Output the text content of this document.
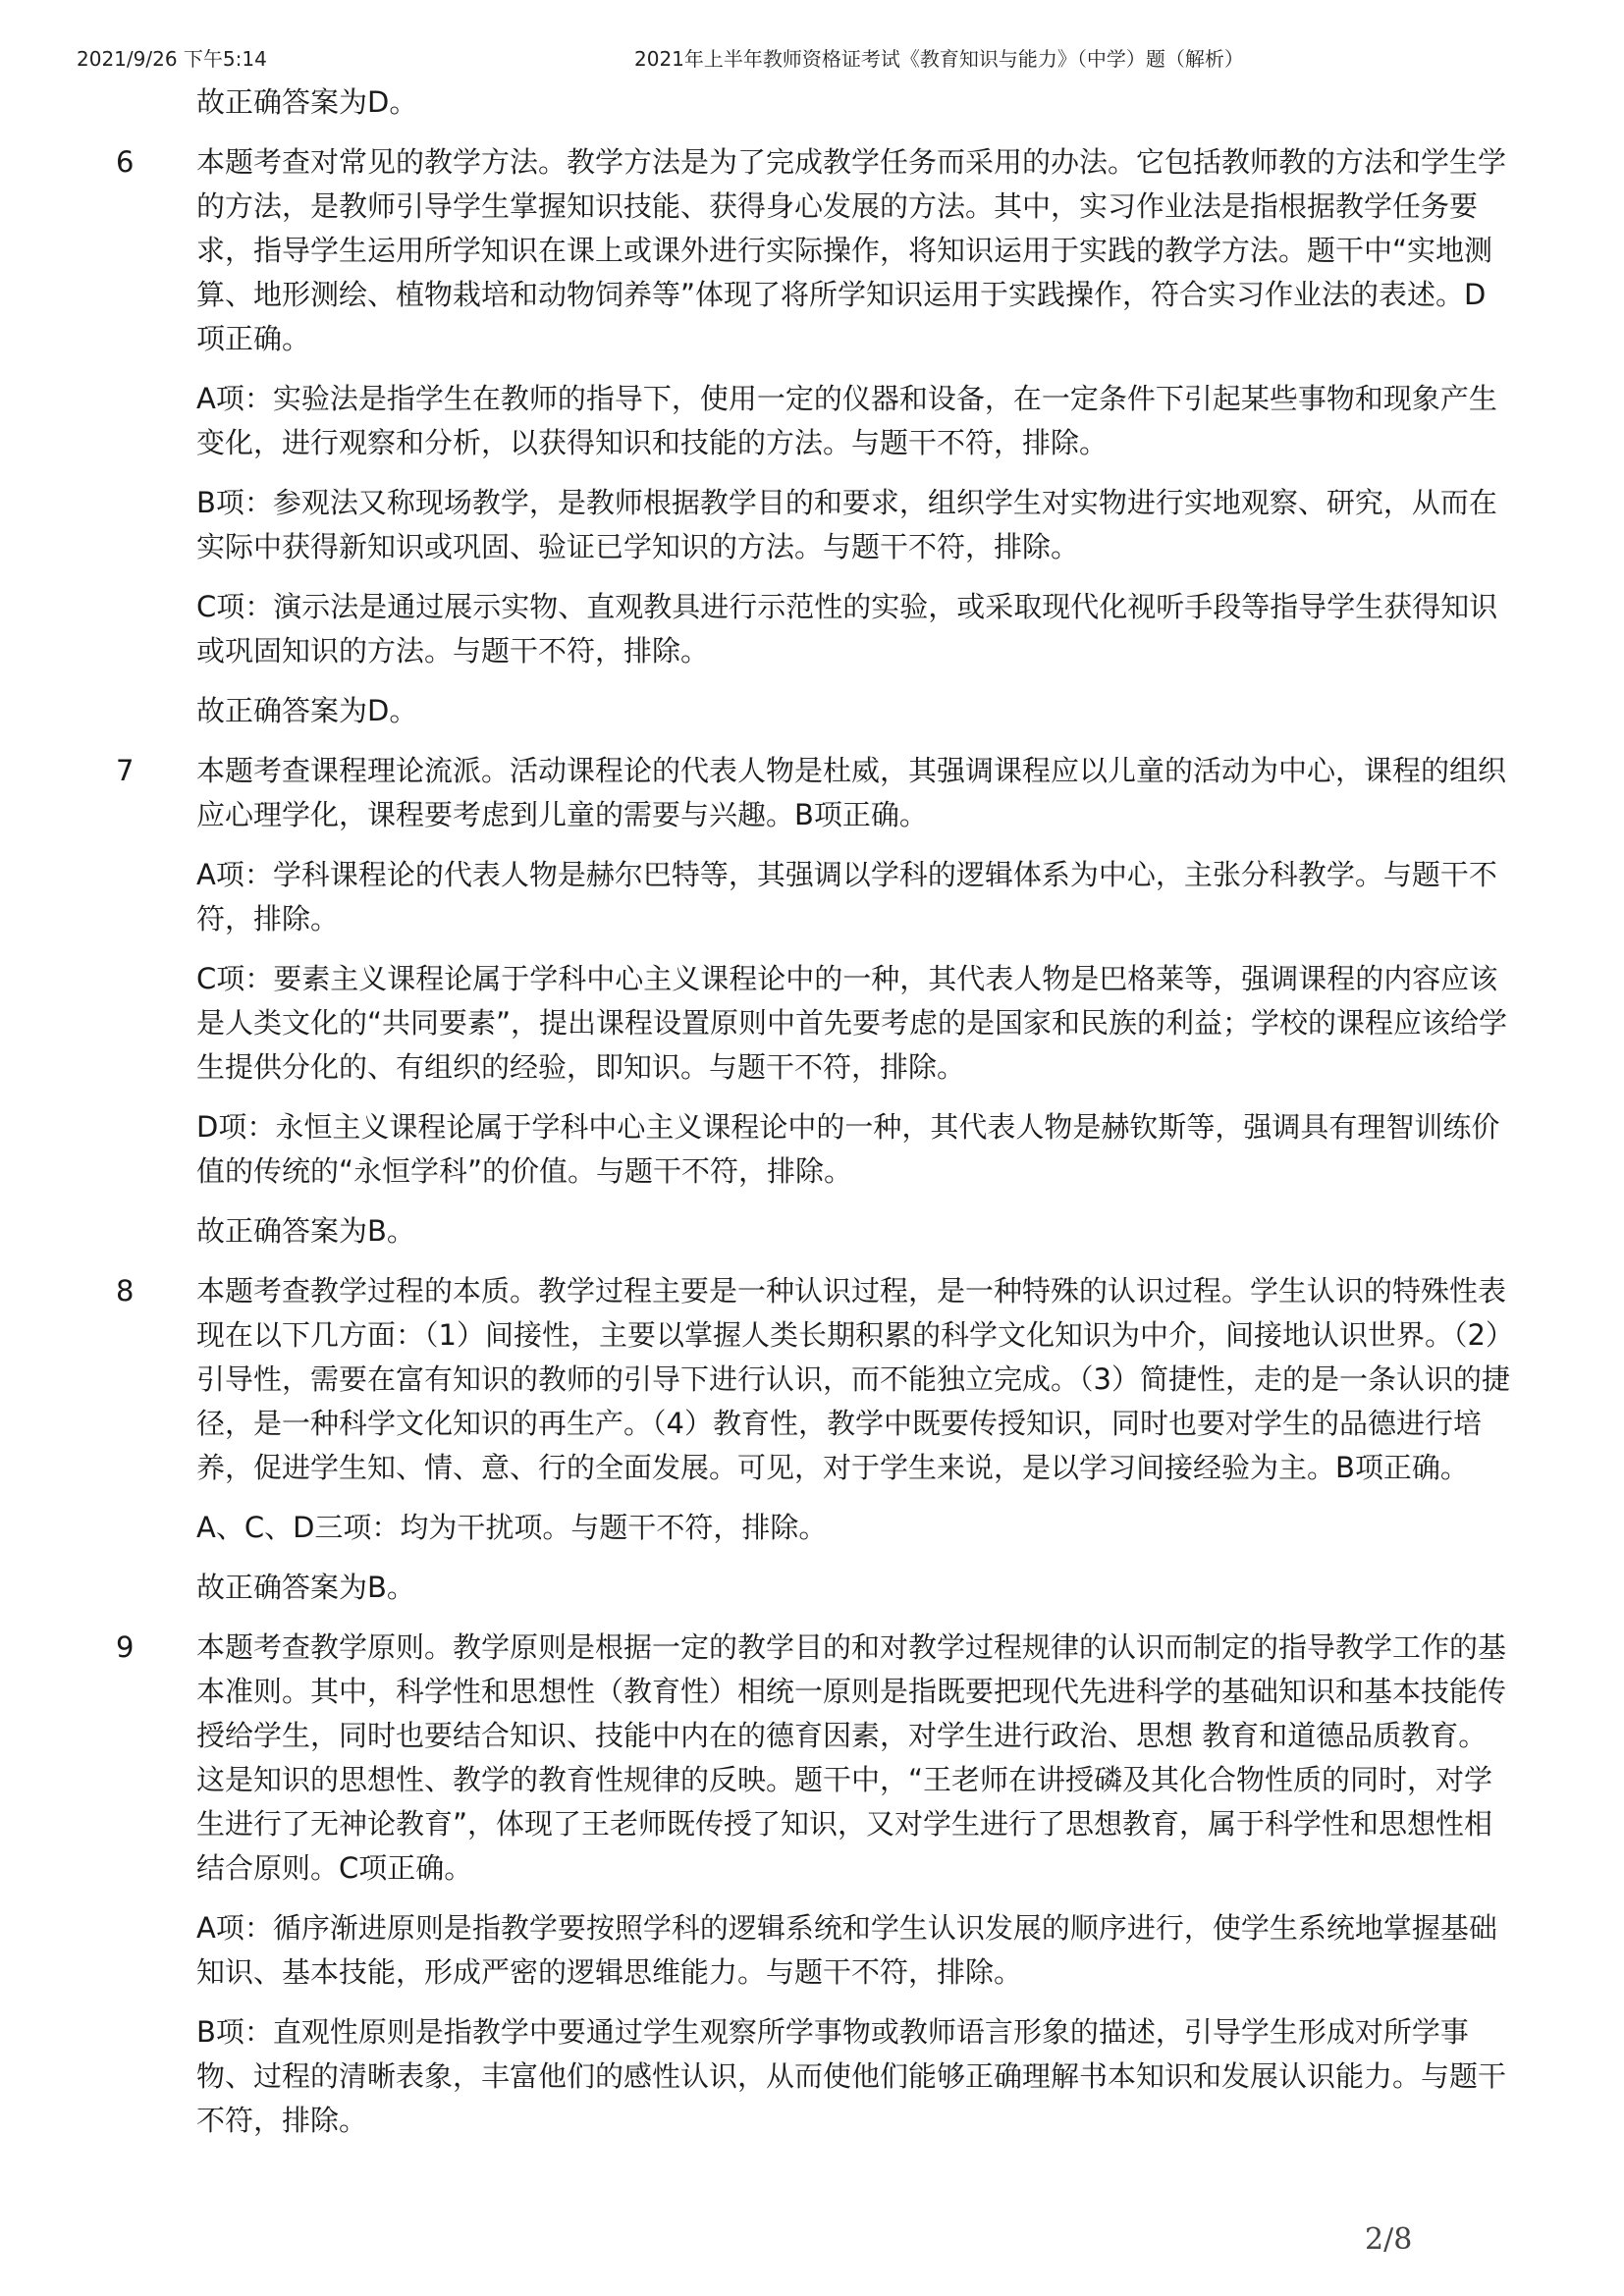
2021/9/26 下午5:14	2021年上半年教师资格证考试《教育知识与能力》（中学）题（解析）
故正确答案为D。
6 本题考查对常见的教学方法。教学方法是为了完成教学任务而采用的办法。它包括教师教的方法和学生学的方法，是教师引导学生掌握知识技能、获得身心发展的方法。其中，实习作业法是指根据教学任务要求，指导学生运用所学知识在课上或课外进行实际操作，将知识运用于实践的教学方法。题干中“实地测算、地形测绘、植物栽培和动物饲养等”体现了将所学知识运用于实践操作，符合实习作业法的表述。D项正确。
A项：实验法是指学生在教师的指导下，使用一定的仪器和设备，在一定条件下引起某些事物和现象产生变化，进行观察和分析，以获得知识和技能的方法。与题干不符，排除。
B项：参观法又称现场教学，是教师根据教学目的和要求，组织学生对实物进行实地观察、研究，从而在实际中获得新知识或巩固、验证已学知识的方法。与题干不符，排除。
C项：演示法是通过展示实物、直观教具进行示范性的实验，或采取现代化视听手段等指导学生获得知识或巩固知识的方法。与题干不符，排除。
故正确答案为D。
7 本题考查课程理论流派。活动课程论的代表人物是杜威，其强调课程应以儿童的活动为中心，课程的组织应心理学化，课程要考虑到儿童的需要与兴趣。B项正确。
A项：学科课程论的代表人物是赫尔巴特等，其强调以学科的逻辑体系为中心，主张分科教学。与题干不符，排除。
C项：要素主义课程论属于学科中心主义课程论中的一种，其代表人物是巴格莱等，强调课程的内容应该是人类文化的“共同要素”，提出课程设置原则中首先要考虑的是国家和民族的利益；学校的课程应该给学生提供分化的、有组织的经验，即知识。与题干不符，排除。
D项：永恒主义课程论属于学科中心主义课程论中的一种，其代表人物是赫钦斯等，强调具有理智训练价值的传统的“永恒学科”的价值。与题干不符，排除。
故正确答案为B。
8 本题考查教学过程的本质。教学过程主要是一种认识过程，是一种特殊的认识过程。学生认识的特殊性表现在以下几方面：（1）间接性，主要以掌握人类长期积累的科学文化知识为中介，间接地认识世界。（2）引导性，需要在富有知识的教师的引导下进行认识，而不能独立完成。（3）简捷性，走的是一条认识的捷径，是一种科学文化知识的再生产。（4）教育性，教学中既要传授知识，同时也要对学生的品德进行培养，促进学生知、情、意、行的全面发展。可见，对于学生来说，是以学习间接经验为主。B项正确。
A、C、D三项：均为干扰项。与题干不符，排除。
故正确答案为B。
9 本题考查教学原则。教学原则是根据一定的教学目的和对教学过程规律的认识而制定的指导教学工作的基本准则。其中，科学性和思想性（教育性）相统一原则是指既要把现代先进科学的基础知识和基本技能传授给学生，同时也要结合知识、技能中内在的德育因素，对学生进行政治、思想 教育和道德品质教育。这是知识的思想性、教学的教育性规律的反映。题干中，“王老师在讲授磷及其化合物性质的同时，对学生进行了无神论教育”，体现了王老师既传授了知识，又对学生进行了思想教育，属于科学性和思想性相结合原则。C项正确。
A项：循序渐进原则是指教学要按照学科的逻辑系统和学生认识发展的顺序进行，使学生系统地掌握基础知识、基本技能，形成严密的逻辑思维能力。与题干不符，排除。
B项：直观性原则是指教学中要通过学生观察所学事物或教师语言形象的描述，引导学生形成对所学事物、过程的清晰表象，丰富他们的感性认识，从而使他们能够正确理解书本知识和发展认识能力。与题干不符，排除。
2/8
